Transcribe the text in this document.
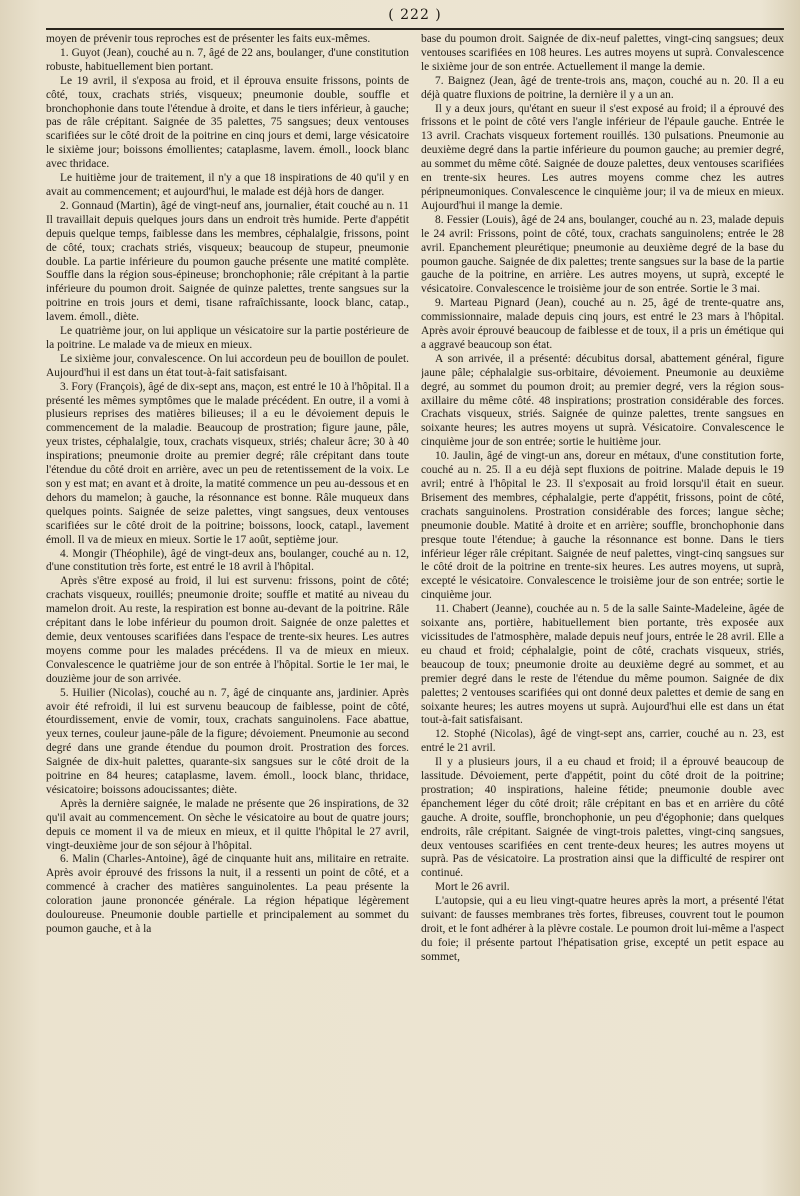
( 222 )

moyen de prévenir tous reproches est de présenter les faits eux-mêmes.

1. Guyot (Jean), couché au n. 7, âgé de 22 ans, boulanger, d'une constitution robuste, habituellement bien portant.

Le 19 avril, il s'exposa au froid, et il éprouva ensuite frissons, points de côté, toux, crachats striés, visqueux; pneumonie double, souffle et bronchophonie dans toute l'étendue à droite, et dans le tiers inférieur, à gauche; pas de râle crépitant. Saignée de 35 palettes, 75 sangsues; deux ventouses scarifiées sur le côté droit de la poitrine en cinq jours et demi, large vésicatoire le sixième jour; boissons émollientes; cataplasme, lavem. émoll., loock blanc avec thridace.

Le huitième jour de traitement, il n'y a que 18 inspirations de 40 qu'il y en avait au commencement; et aujourd'hui, le malade est déjà hors de danger.

2. Gonnaud (Martin), âgé de vingt-neuf ans, journalier, était couché au n. 11 Il travaillait depuis quelques jours dans un endroit très humide. Perte d'appétit depuis quelque temps, faiblesse dans les membres, céphalalgie, frissons, point de côté, toux; crachats striés, visqueux; beaucoup de stupeur, pneumonie double. La partie inférieure du poumon gauche présente une matité complète. Souffle dans la région sous-épineuse; bronchophonie; râle crépitant à la partie inférieure du poumon droit. Saignée de quinze palettes, trente sangsues sur la poitrine en trois jours et demi, tisane rafraîchissante, loock blanc, catap., lavem. émoll., diète.

Le quatrième jour, on lui applique un vésicatoire sur la partie postérieure de la poitrine. Le malade va de mieux en mieux.

Le sixième jour, convalescence. On lui accordeun peu de bouillon de poulet. Aujourd'hui il est dans un état tout-à-fait satisfaisant.

3. Fory (François), âgé de dix-sept ans, maçon, est entré le 10 à l'hôpital. Il a présenté les mêmes symptômes que le malade précédent. En outre, il a vomi à plusieurs reprises des matières bilieuses; il a eu le dévoiement depuis le commencement de la maladie. Beaucoup de prostration; figure jaune, pâle, yeux tristes, céphalalgie, toux, crachats visqueux, striés; chaleur âcre; 30 à 40 inspirations; pneumonie droite au premier degré; râle crépitant dans toute l'étendue du côté droit en arrière, avec un peu de retentissement de la voix. Le son y est mat; en avant et à droite, la matité commence un peu au-dessous et en dehors du mamelon; à gauche, la résonnance est bonne. Râle muqueux dans quelques points. Saignée de seize palettes, vingt sangsues, deux ventouses scarifiées sur le côté droit de la poitrine; boissons, loock, catapl., lavement émoll. Il va de mieux en mieux. Sortie le 17 août, septième jour.

4. Mongir (Théophile), âgé de vingt-deux ans, boulanger, couché au n. 12, d'une constitution très forte, est entré le 18 avril à l'hôpital.

Après s'être exposé au froid, il lui est survenu: frissons, point de côté; crachats visqueux, rouillés; pneumonie droite; souffle et matité au niveau du mamelon droit. Au reste, la respiration est bonne au-devant de la poitrine. Râle crépitant dans le lobe inférieur du poumon droit. Saignée de onze palettes et demie, deux ventouses scarifiées dans l'espace de trente-six heures. Les autres moyens comme pour les malades précédens. Il va de mieux en mieux. Convalescence le quatrième jour de son entrée à l'hôpital. Sortie le 1er mai, le douzième jour de son arrivée.

5. Huilier (Nicolas), couché au n. 7, âgé de cinquante ans, jardinier. Après avoir été refroidi, il lui est survenu beaucoup de faiblesse, point de côté, étourdissement, envie de vomir, toux, crachats sanguinolens. Face abattue, yeux ternes, couleur jaune-pâle de la figure; dévoiement. Pneumonie au second degré dans une grande étendue du poumon droit. Prostration des forces. Saignée de dix-huit palettes, quarante-six sangsues sur le côté droit de la poitrine en 84 heures; cataplasme, lavem. émoll., loock blanc, thridace, vésicatoire; boissons adoucissantes; diète.

Après la dernière saignée, le malade ne présente que 26 inspirations, de 32 qu'il avait au commencement. On sèche le vésicatoire au bout de quatre jours; depuis ce moment il va de mieux en mieux, et il quitte l'hôpital le 27 avril, vingt-deuxième jour de son séjour à l'hôpital.

6. Malin (Charles-Antoine), âgé de cinquante huit ans, militaire en retraite. Après avoir éprouvé des frissons la nuit, il a ressenti un point de côté, et a commencé à cracher des matières sanguinolentes. La peau présente la coloration jaune prononcée générale. La région hépatique légèrement douloureuse. Pneumonie double partielle et principalement au sommet du poumon gauche, et à la

base du poumon droit. Saignée de dix-neuf palettes, vingt-cinq sangsues; deux ventouses scarifiées en 108 heures. Les autres moyens ut suprà. Convalescence le sixième jour de son entrée. Actuellement il mange la demie.

7. Baignez (Jean, âgé de trente-trois ans, maçon, couché au n. 20. Il a eu déjà quatre fluxions de poitrine, la dernière il y a un an.

Il y a deux jours, qu'étant en sueur il s'est exposé au froid; il a éprouvé des frissons et le point de côté vers l'angle inférieur de l'épaule gauche. Entrée le 13 avril. Crachats visqueux fortement rouillés. 130 pulsations. Pneumonie au deuxième degré dans la partie inférieure du poumon gauche; au premier degré, au sommet du même côté. Saignée de douze palettes, deux ventouses scarifiées en trente-six heures. Les autres moyens comme chez les autres péripneumoniques. Convalescence le cinquième jour; il va de mieux en mieux. Aujourd'hui il mange la demie.

8. Fessier (Louis), âgé de 24 ans, boulanger, couché au n. 23, malade depuis le 24 avril: Frissons, point de côté, toux, crachats sanguinolens; entrée le 28 avril. Epanchement pleurétique; pneumonie au deuxième degré de la base du poumon gauche. Saignée de dix palettes; trente sangsues sur la base de la partie gauche de la poitrine, en arrière. Les autres moyens, ut suprà, excepté le vésicatoire. Convalescence le troisième jour de son entrée. Sortie le 3 mai.

9. Marteau Pignard (Jean), couché au n. 25, âgé de trente-quatre ans, commissionnaire, malade depuis cinq jours, est entré le 23 mars à l'hôpital. Après avoir éprouvé beaucoup de faiblesse et de toux, il a pris un émétique qui a aggravé beaucoup son état.

A son arrivée, il a présenté: décubitus dorsal, abattement général, figure jaune pâle; céphalalgie sus-orbitaire, dévoiement. Pneumonie au deuxième degré, au sommet du poumon droit; au premier degré, vers la région sous-axillaire du même côté. 48 inspirations; prostration considérable des forces. Crachats visqueux, striés. Saignée de quinze palettes, trente sangsues en soixante heures; les autres moyens ut suprà. Vésicatoire. Convalescence le cinquième jour de son entrée; sortie le huitième jour.

10. Jaulin, âgé de vingt-un ans, doreur en métaux, d'une constitution forte, couché au n. 25. Il a eu déjà sept fluxions de poitrine. Malade depuis le 19 avril; entré à l'hôpital le 23. Il s'exposait au froid lorsqu'il était en sueur. Brisement des membres, céphalalgie, perte d'appétit, frissons, point de côté, crachats sanguinolens. Prostration considérable des forces; langue sèche; pneumonie double. Matité à droite et en arrière; souffle, bronchophonie dans presque toute l'étendue; à gauche la résonnance est bonne. Dans le tiers inférieur léger râle crépitant. Saignée de neuf palettes, vingt-cinq sangsues sur le côté droit de la poitrine en trente-six heures. Les autres moyens, ut suprà, excepté le vésicatoire. Convalescence le troisième jour de son entrée; sortie le cinquième jour.

11. Chabert (Jeanne), couchée au n. 5 de la salle Sainte-Madeleine, âgée de soixante ans, portière, habituellement bien portante, très exposée aux vicissitudes de l'atmosphère, malade depuis neuf jours, entrée le 28 avril. Elle a eu chaud et froid; céphalalgie, point de côté, crachats visqueux, striés, beaucoup de toux; pneumonie droite au deuxième degré au sommet, et au premier degré dans le reste de l'étendue du même poumon. Saignée de dix palettes; 2 ventouses scarifiées qui ont donné deux palettes et demie de sang en soixante heures; les autres moyens ut suprà. Aujourd'hui elle est dans un état tout-à-fait satisfaisant.

12. Stophé (Nicolas), âgé de vingt-sept ans, carrier, couché au n. 23, est entré le 21 avril.

Il y a plusieurs jours, il a eu chaud et froid; il a éprouvé beaucoup de lassitude. Dévoiement, perte d'appétit, point du côté droit de la poitrine; prostration; 40 inspirations, haleine fétide; pneumonie double avec épanchement léger du côté droit; râle crépitant en bas et en arrière du côté gauche. A droite, souffle, bronchophonie, un peu d'égophonie; dans quelques endroits, râle crépitant. Saignée de vingt-trois palettes, vingt-cinq sangsues, deux ventouses scarifiées en cent trente-deux heures; les autres moyens ut suprà. Pas de vésicatoire. La prostration ainsi que la difficulté de respirer ont continué.

Mort le 26 avril.

L'autopsie, qui a eu lieu vingt-quatre heures après la mort, a présenté l'état suivant: de fausses membranes très fortes, fibreuses, couvrent tout le poumon droit, et le font adhérer à la plèvre costale. Le poumon droit lui-même a l'aspect du foie; il présente partout l'hépatisation grise, excepté un petit espace au sommet,
